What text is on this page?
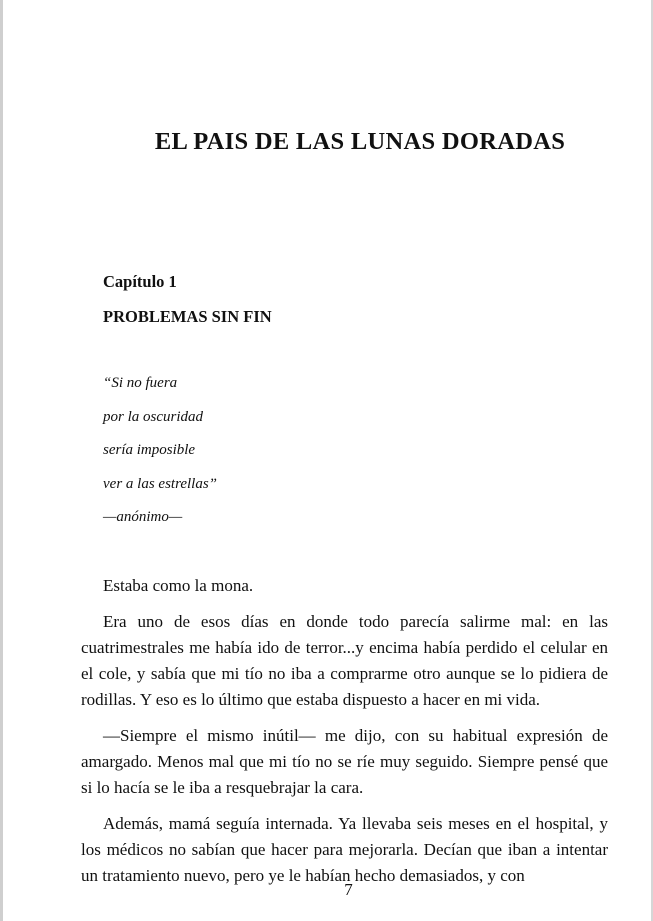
EL PAIS DE LAS LUNAS DORADAS
Capítulo 1
PROBLEMAS SIN FIN
“Si no fuera
por la oscuridad
sería imposible
ver a las estrellas”
—anónimo—

Estaba como la mona.

Era uno de esos días en donde todo parecía salirme mal: en las cuatrimestrales me había ido de terror...y encima había perdido el celular en el cole, y sabía que mi tío no iba a comprarme otro aunque se lo pidiera de rodillas. Y eso es lo último que estaba dispuesto a hacer en mi vida.

—Siempre el mismo inútil— me dijo, con su habitual expresión de amargado. Menos mal que mi tío no se ríe muy seguido. Siempre pensé que si lo hacía se le iba a resquebrajar la cara.

Además, mamá seguía internada. Ya llevaba seis meses en el hospital, y los médicos no sabían que hacer para mejorarla. Decían que iban a intentar un tratamiento nuevo, pero ye le habían hecho demasiados, y con

7
